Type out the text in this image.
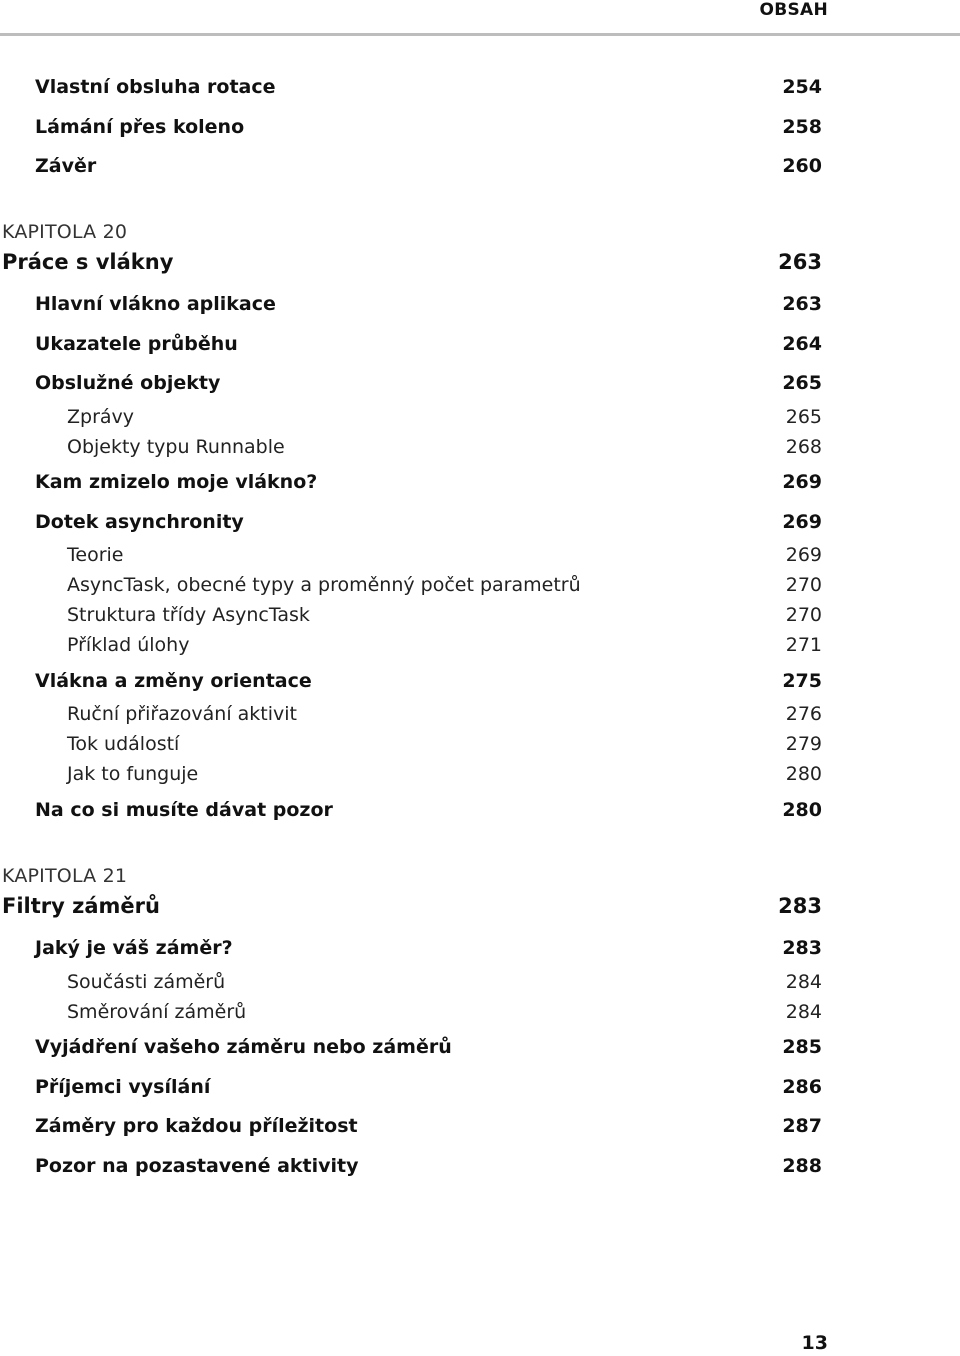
OBSAH
Vlastní obsluha rotace	254
Lámání přes koleno	258
Závěr	260
KAPITOLA 20
Práce s vlákny	263
Hlavní vlákno aplikace	263
Ukazatele průběhu	264
Obslužné objekty	265
Zprávy	265
Objekty typu Runnable	268
Kam zmizelo moje vlákno?	269
Dotek asynchronity	269
Teorie	269
AsyncTask, obecné typy a proměnný počet parametrů	270
Struktura třídy AsyncTask	270
Příklad úlohy	271
Vlákna a změny orientace	275
Ruční přiřazování aktivit	276
Tok událostí	279
Jak to funguje	280
Na co si musíte dávat pozor	280
KAPITOLA 21
Filtry záměrů	283
Jaký je váš záměr?	283
Součásti záměrů	284
Směrování záměrů	284
Vyjádření vašeho záměru nebo záměrů	285
Příjemci vysílání	286
Záměry pro každou příležitost	287
Pozor na pozastavené aktivity	288
13
